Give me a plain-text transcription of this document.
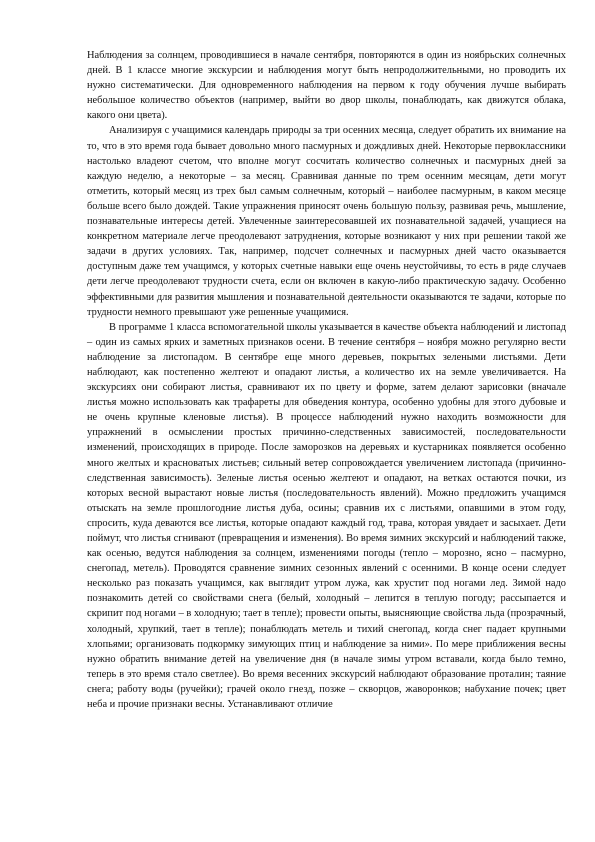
Наблюдения за солнцем, проводившиеся в начале сентября, повторяются в один из ноябрьских солнечных дней. В 1 классе многие экскурсии и наблюдения могут быть непродолжительными, но проводить их нужно систематически. Для одновременного наблюдения на первом к году обучения лучше выбирать небольшое количество объектов (например, выйти во двор школы, понаблюдать, как движутся облака, какого они цвета).

Анализируя с учащимися календарь природы за три осенних месяца, следует обратить их внимание на то, что в это время года бывает довольно много пасмурных и дождливых дней. Некоторые первоклассники настолько владеют счетом, что вполне могут сосчитать количество солнечных и пасмурных дней за каждую неделю, а некоторые – за месяц. Сравнивая данные по трем осенним месяцам, дети могут отметить, который месяц из трех был самым солнечным, который – наиболее пасмурным, в каком месяце больше всего было дождей. Такие упражнения приносят очень большую пользу, развивая речь, мышление, познавательные интересы детей. Увлеченные заинтересовавшей их познавательной задачей, учащиеся на конкретном материале легче преодолевают затруднения, которые возникают у них при решении такой же задачи в других условиях. Так, например, подсчет солнечных и пасмурных дней часто оказывается доступным даже тем учащимся, у которых счетные навыки еще очень неустойчивы, то есть в ряде случаев дети легче преодолевают трудности счета, если он включен в какую-либо практическую задачу. Особенно эффективными для развития мышления и познавательной деятельности оказываются те задачи, которые по трудности немного превышают уже решенные учащимися.

В программе 1 класса вспомогательной школы указывается в качестве объекта наблюдений и листопад – один из самых ярких и заметных признаков осени. В течение сентября – ноября можно регулярно вести наблюдение за листопадом. В сентябре еще много деревьев, покрытых зелеными листьями. Дети наблюдают, как постепенно желтеют и опадают листья, а количество их на земле увеличивается. На экскурсиях они собирают листья, сравнивают их по цвету и форме, затем делают зарисовки (вначале листья можно использовать как трафареты для обведения контура, особенно удобны для этого дубовые и не очень крупные кленовые листья). В процессе наблюдений нужно находить возможности для упражнений в осмыслении простых причинно-следственных зависимостей, последовательности изменений, происходящих в природе. После заморозков на деревьях и кустарниках появляется особенно много желтых и красноватых листьев; сильный ветер сопровождается увеличением листопада (причинно-следственная зависимость). Зеленые листья осенью желтеют и опадают, на ветках остаются почки, из которых весной вырастают новые листья (последовательность явлений). Можно предложить учащимся отыскать на земле прошлогодние листья дуба, осины; сравнив их с листьями, опавшими в этом году, спросить, куда деваются все листья, которые опадают каждый год, трава, которая увядает и засыхает. Дети поймут, что листья сгнивают (превращения и изменения). Во время зимних экскурсий и наблюдений также, как осенью, ведутся наблюдения за солнцем, изменениями погоды (тепло – морозно, ясно – пасмурно, снегопад, метель). Проводятся сравнение зимних сезонных явлений с осенними. В конце осени следует несколько раз показать учащимся, как выглядит утром лужа, как хрустит под ногами лед. Зимой надо познакомить детей со свойствами снега (белый, холодный – лепится в теплую погоду; рассыпается и скрипит под ногами – в холодную; тает в тепле); провести опыты, выясняющие свойства льда (прозрачный, холодный, хрупкий, тает в тепле); понаблюдать метель и тихий снегопад, когда снег падает крупными хлопьями; организовать подкормку зимующих птиц и наблюдение за ними». По мере приближения весны нужно обратить внимание детей на увеличение дня (в начале зимы утром вставали, когда было темно, теперь в это время стало светлее). Во время весенних экскурсий наблюдают образование проталин; таяние снега; работу воды (ручейки); грачей около гнезд, позже – скворцов, жаворонков; набухание почек; цвет неба и прочие признаки весны. Устанавливают отличие
